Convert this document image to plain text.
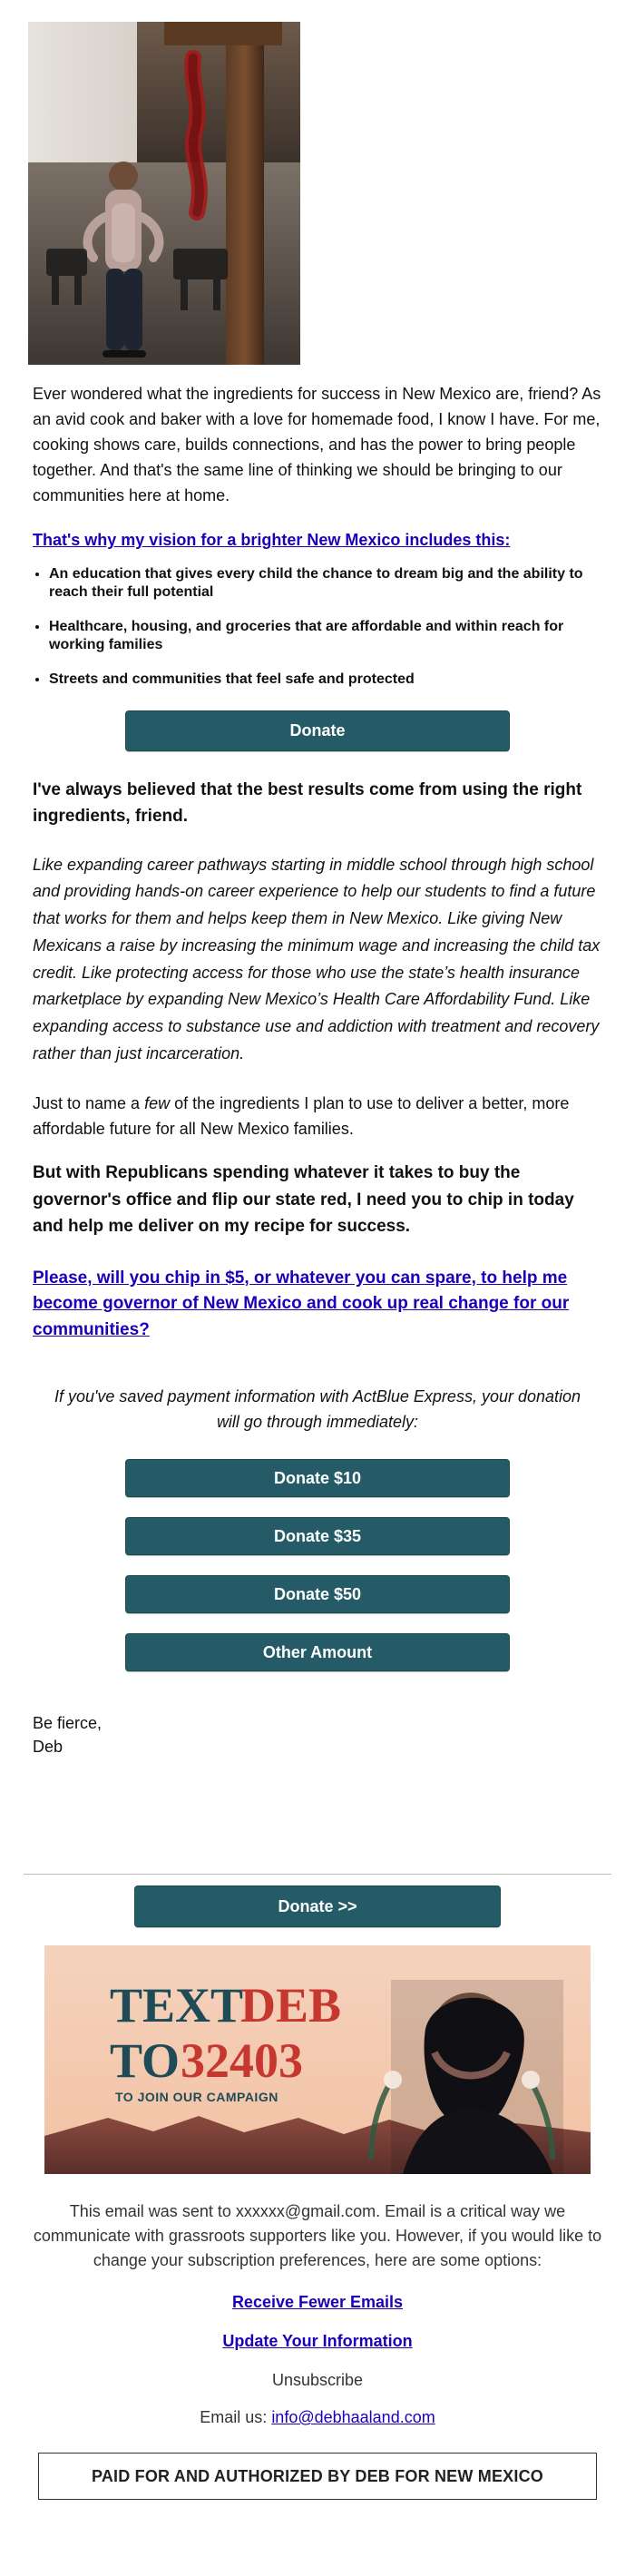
Ever wondered what the ingredients for success in New Mexico are, friend? As an avid cook and baker with a love for homemade food, I know I have. For me, cooking shows care, builds connections, and has the power to bring people together. And that's the same line of thinking we should be bringing to our communities here at home.

That's why my vision for a brighter New Mexico includes this:
• An education that gives every child the chance to dream big and the ability to reach their full potential
• Healthcare, housing, and groceries that are affordable and within reach for working families
• Streets and communities that feel safe and protected
Donate
I've always believed that the best results come from using the right ingredients, friend.
Like expanding career pathways starting in middle school through high school and providing hands-on career experience to help our students to find a future that works for them and helps keep them in New Mexico. Like giving New Mexicans a raise by increasing the minimum wage and increasing the child tax credit. Like protecting access for those who use the state’s health insurance marketplace by expanding New Mexico’s Health Care Affordability Fund. Like expanding access to substance use and addiction with treatment and recovery rather than just incarceration.

Just to name a few of the ingredients I plan to use to deliver a better, more affordable future for all New Mexico families.

But with Republicans spending whatever it takes to buy the governor's office and flip our state red, I need you to chip in today and help me deliver on my recipe for success.
Please, will you chip in $5, or whatever you can spare, to help me become governor of New Mexico and cook up real change for our communities?
If you've saved payment information with ActBlue Express, your donation will go through immediately:
Donate $10
Donate $35
Donate $50
Other Amount
Be fierce,
Deb
Donate >>
TEXT
DEB
TO 32403
TO JOIN OUR CAMPAIGN
This email was sent to xxxxxx@gmail.com. Email is a critical way we communicate with grassroots supporters like you. However, if you would like to change your subscription preferences, here are some options:
Receive Fewer Emails
Update Your Information
Unsubscribe
Email us: info@debhaaland.com
PAID FOR AND AUTHORIZED BY DEB FOR NEW MEXICO
